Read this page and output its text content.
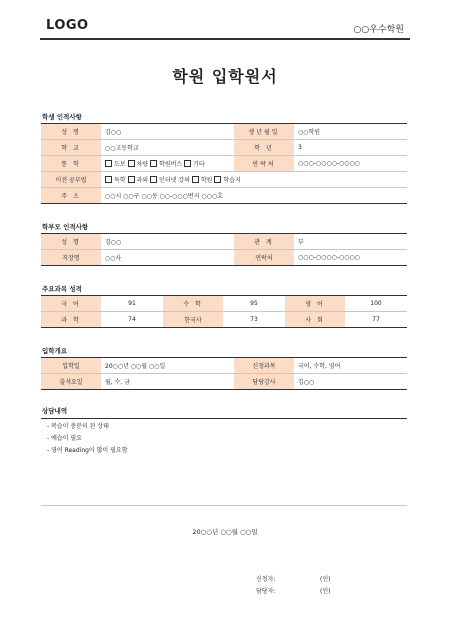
LOGO	○○우수학원
학원 입학원서
학생 인적사항
성 명	김○○	생년월일	○○학원
학 교	○○고등학교	학 년	3
통 학	도보 차량 학원버스 기타	연락처	○○○-○○○○-○○○○
이전 공부법	독학 과외 인터넷 강의 학원 학습지		
주 소	○○시 ○○구 ○○동 ○○-○○○번지 ○○○호		
학부모 인적사항
성 명	김○○	관 계	부
직장명	○○사	연락처	○○○-○○○○-○○○○
주요과목 성적
국 어	91	수 학	95	영 어	100
과 학	74	한국사	73	사 회	77
입학개요
입학일	20○○년 ○○월 ○○일	신청과목	국어, 수학, 영어
출석요일	월, 수, 금	담당강사	김○○
상담내역
- 복습이 충분히 된 상태
- 예습이 필요
- 영어 Reading이 많이 필요함
20○○년 ○○월 ○○일
신청자:	(인)
담당자:	(인)
